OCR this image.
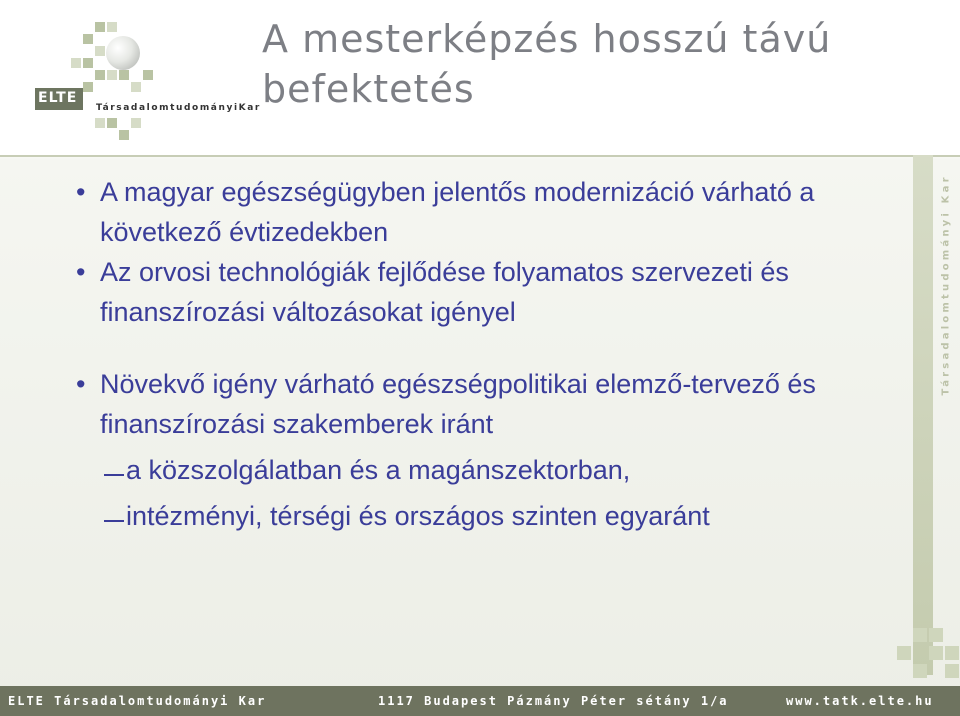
ELTE
TársadalomtudományiKar
A mesterképzés hosszú távú befektetés
Társadalomtudományi Kar

• A magyar egészségügyben jelentős modernizáció várható a következő évtizedekben

• Az orvosi technológiák fejlődése folyamatos szervezeti és finanszírozási változásokat igényel

• Növekvő igény várható egészségpolitikai elemző-tervező és finanszírozási szakemberek iránt

a közszolgálatban és a magánszektorban,

intézményi, térségi és országos szinten egyaránt

ELTE Társadalomtudományi Kar	1117 Budapest Pázmány Péter sétány 1/a	www.tatk.elte.hu
